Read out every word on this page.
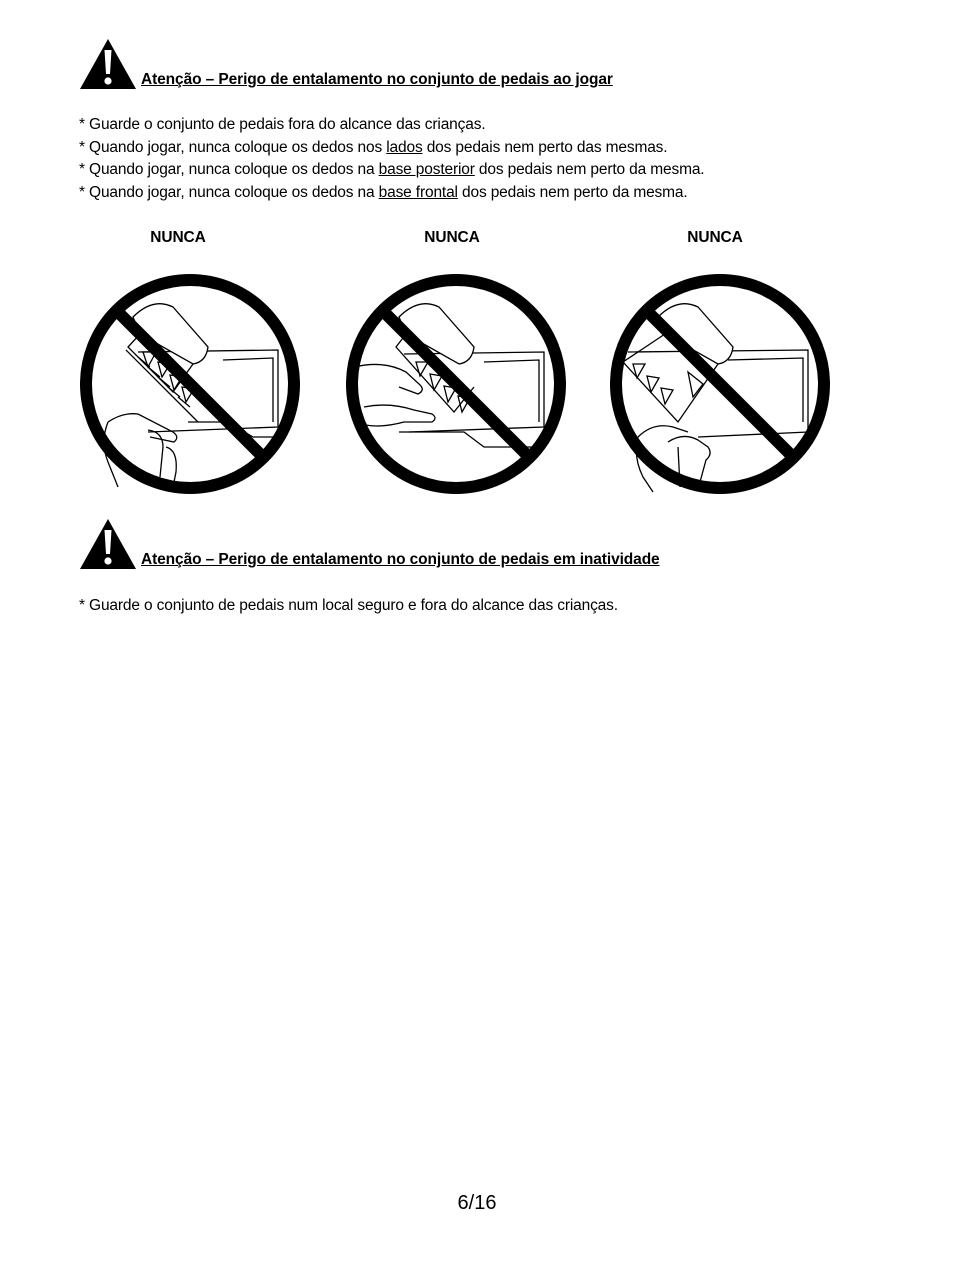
Atenção – Perigo de entalamento no conjunto de pedais ao jogar
* Guarde o conjunto de pedais fora do alcance das crianças.
* Quando jogar, nunca coloque os dedos nos lados dos pedais nem perto das mesmas.
* Quando jogar, nunca coloque os dedos na base posterior dos pedais nem perto da mesma.
* Quando jogar, nunca coloque os dedos na base frontal dos pedais nem perto da mesma.
NUNCA	NUNCA	NUNCA
Atenção – Perigo de entalamento no conjunto de pedais em inatividade
* Guarde o conjunto de pedais num local seguro e fora do alcance das crianças.
6/16
